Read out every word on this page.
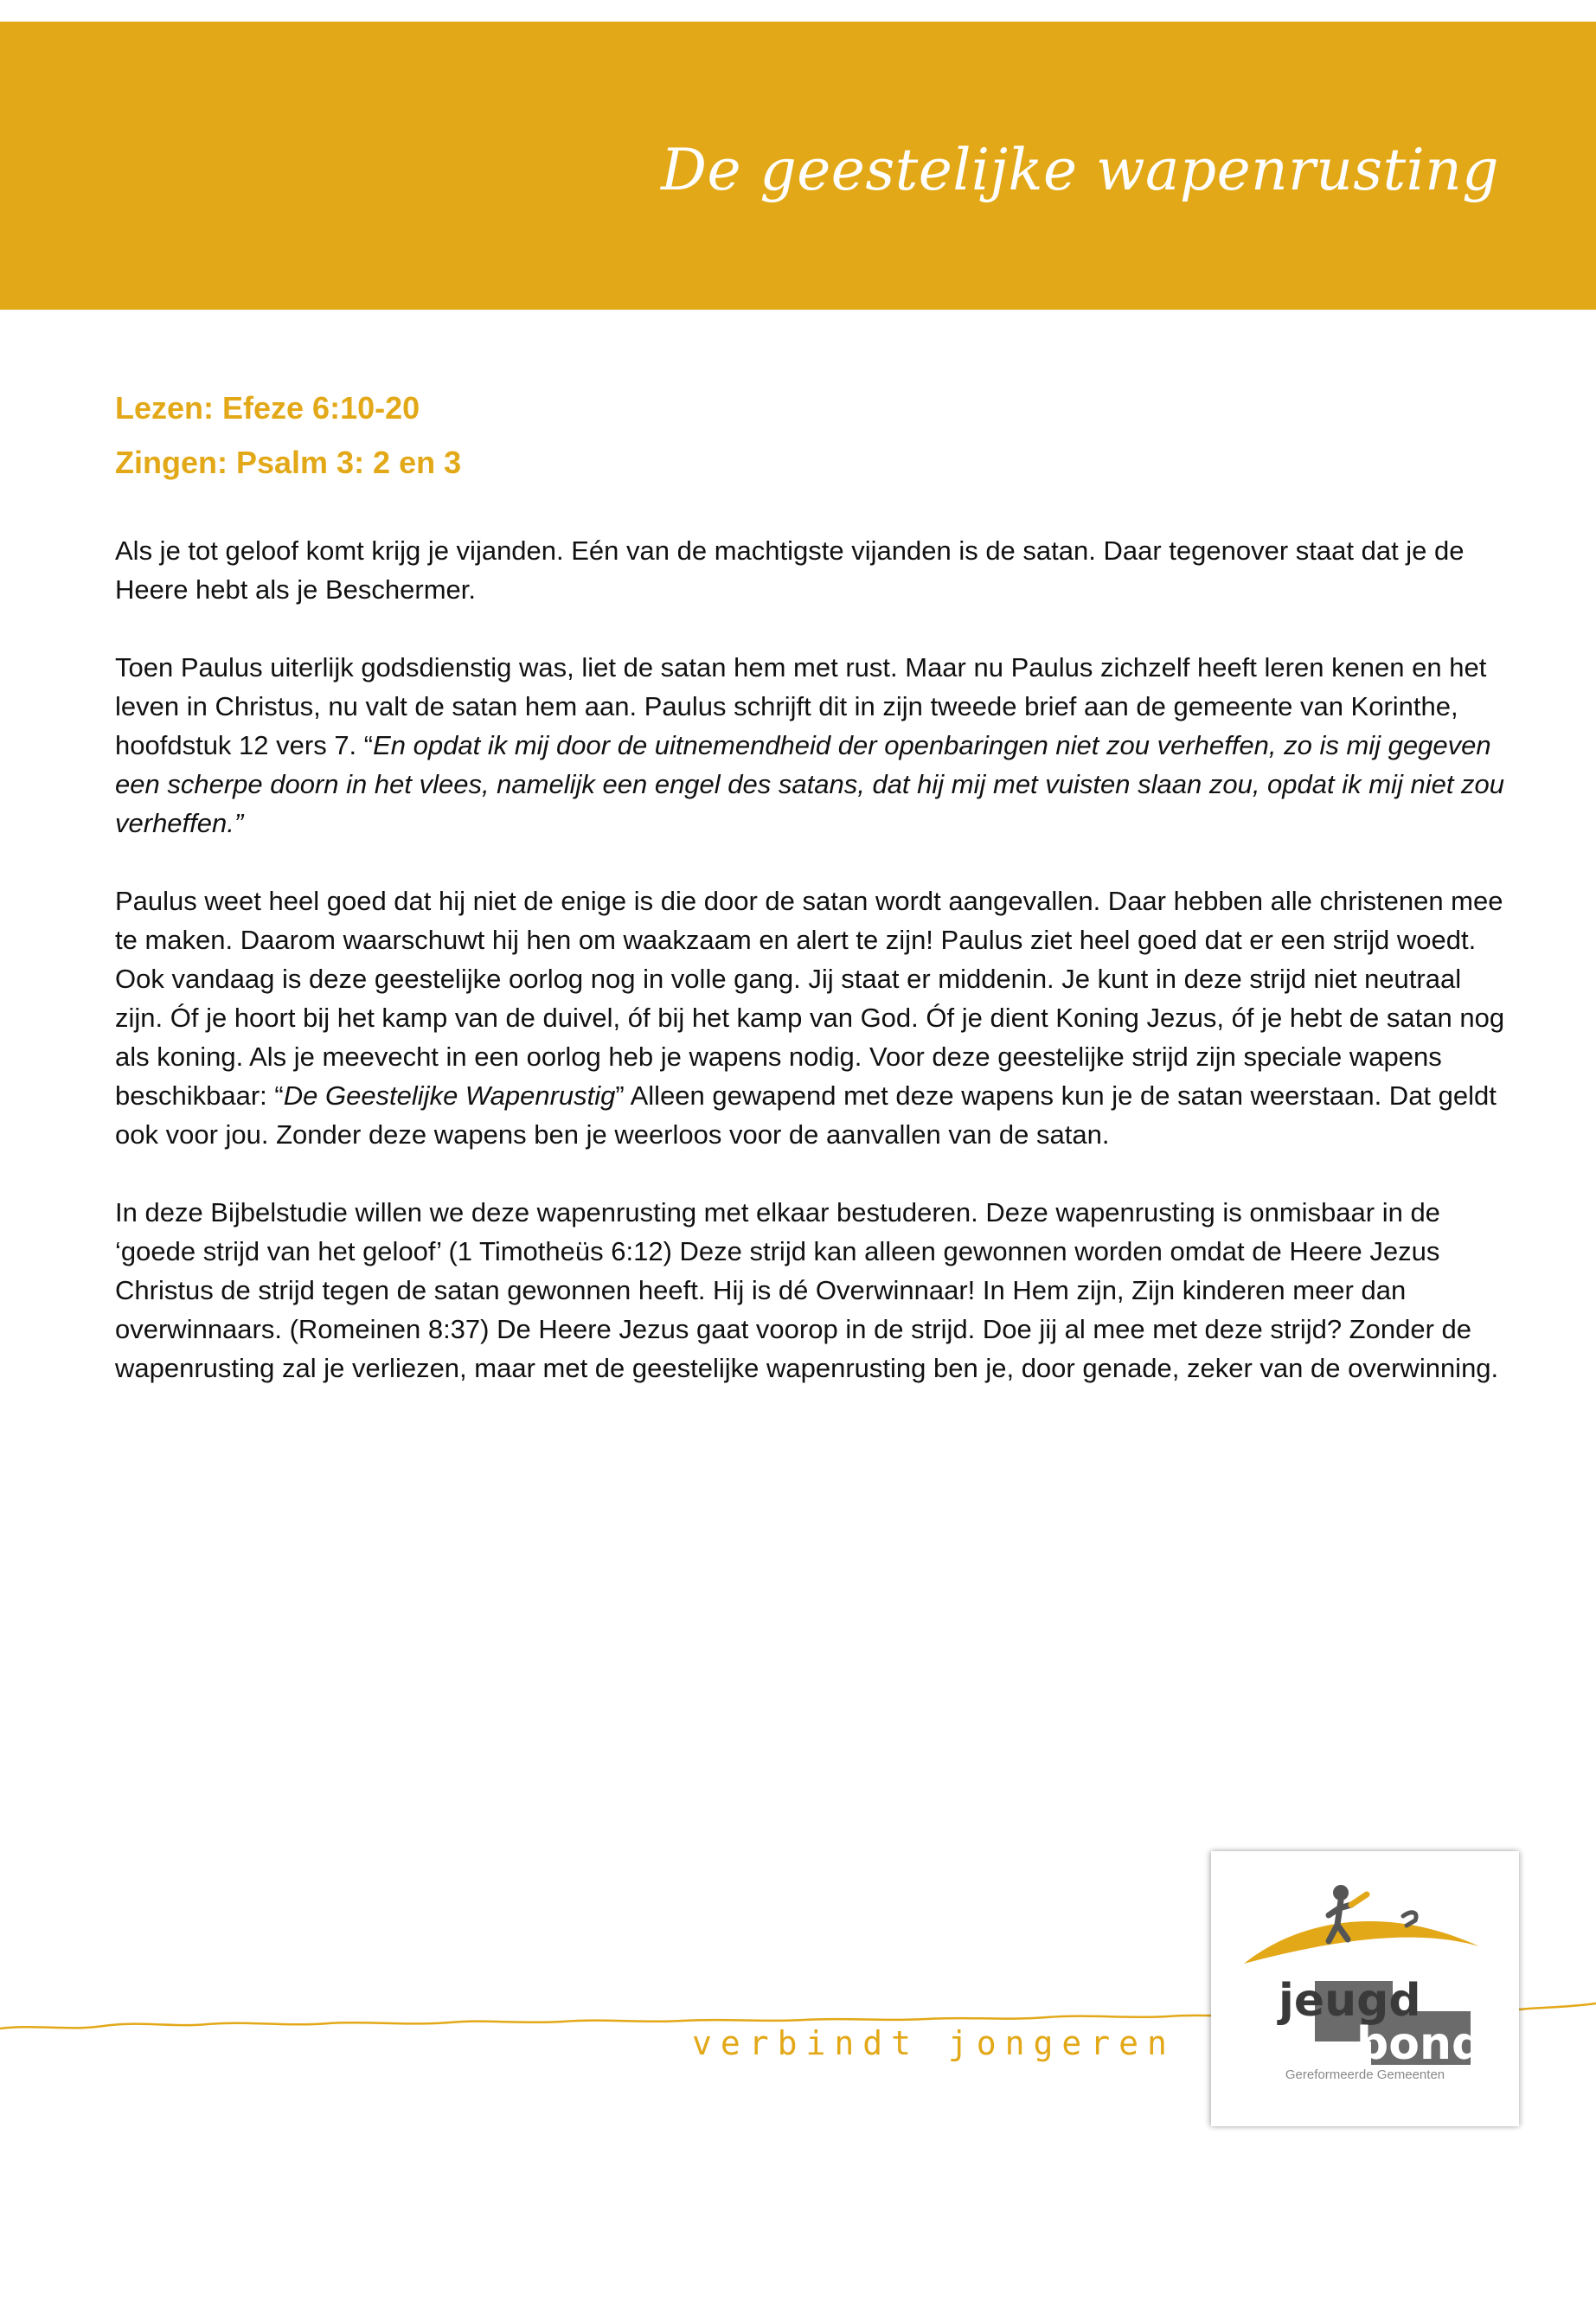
De geestelijke wapenrusting

Lezen: Efeze 6:10-20

Zingen: Psalm 3: 2 en 3

Als je tot geloof komt krijg je vijanden. Eén van de machtigste vijanden is de satan. Daar tegenover staat dat je de Heere hebt als je Beschermer.

Toen Paulus uiterlijk godsdienstig was, liet de satan hem met rust. Maar nu Paulus zichzelf heeft leren kenen en het leven in Christus, nu valt de satan hem aan. Paulus schrijft dit in zijn tweede brief aan de gemeente van Korinthe, hoofdstuk 12 vers 7. “En opdat ik mij door de uitnemendheid der openbaringen niet zou verheffen, zo is mij gegeven een scherpe doorn in het vlees, namelijk een engel des satans, dat hij mij met vuisten slaan zou, opdat ik mij niet zou verheffen.”

Paulus weet heel goed dat hij niet de enige is die door de satan wordt aangevallen. Daar hebben alle christenen mee te maken. Daarom waarschuwt hij hen om waakzaam en alert te zijn! Paulus ziet heel goed dat er een strijd woedt. Ook vandaag is deze geestelijke oorlog nog in volle gang. Jij staat er middenin. Je kunt in deze strijd niet neutraal zijn. Óf je hoort bij het kamp van de duivel, óf bij het kamp van God. Óf je dient Koning Jezus, óf je hebt de satan nog als koning. Als je meevecht in een oorlog heb je wapens nodig. Voor deze geestelijke strijd zijn speciale wapens beschikbaar: “De Geestelijke Wapenrustig” Alleen gewapend met deze wapens kun je de satan weerstaan. Dat geldt ook voor jou. Zonder deze wapens ben je weerloos voor de aanvallen van de satan.

In deze Bijbelstudie willen we deze wapenrusting met elkaar bestuderen. Deze wapenrusting is onmisbaar in de ‘goede strijd van het geloof’ (1 Timotheüs 6:12) Deze strijd kan alleen gewonnen worden omdat de Heere Jezus Christus de strijd tegen de satan gewonnen heeft. Hij is dé Overwinnaar! In Hem zijn, Zijn kinderen meer dan overwinnaars. (Romeinen 8:37) De Heere Jezus gaat voorop in de strijd. Doe jij al mee met deze strijd? Zonder de wapenrusting zal je verliezen, maar met de geestelijke wapenrusting ben je, door genade, zeker van de overwinning.

verbindt jongeren
jeugd
bond
Gereformeerde Gemeenten
